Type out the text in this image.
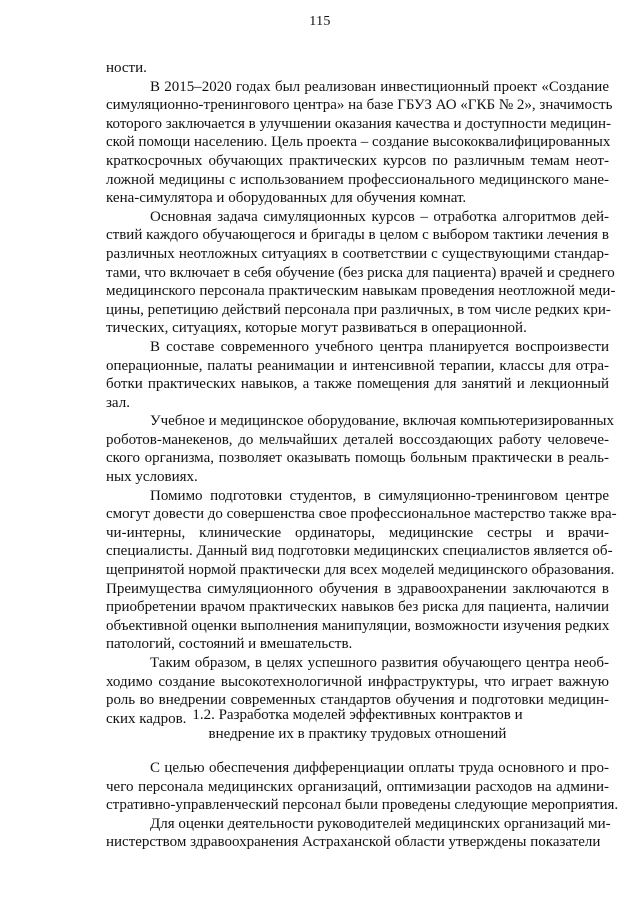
115
ности.
В 2015–2020 годах был реализован инвестиционный проект «Создание
симуляционно-тренингового центра» на базе ГБУЗ АО «ГКБ № 2», значимость
которого заключается в улучшении оказания качества и доступности медицин-
ской помощи населению. Цель проекта – создание высококвалифицированных
краткосрочных обучающих практических курсов по различным темам неот-
ложной медицины с использованием профессионального медицинского мане-
кена-симулятора и оборудованных для обучения комнат.
Основная задача симуляционных курсов – отработка алгоритмов дей-
ствий каждого обучающегося и бригады в целом с выбором тактики лечения в
различных неотложных ситуациях в соответствии с существующими стандар-
тами, что включает в себя обучение (без риска для пациента) врачей и среднего
медицинского персонала практическим навыкам проведения неотложной меди-
цины, репетицию действий персонала при различных, в том числе редких кри-
тических, ситуациях, которые могут развиваться в операционной.
В составе современного учебного центра планируется воспроизвести
операционные, палаты реанимации и интенсивной терапии, классы для отра-
ботки практических навыков, а также помещения для занятий и лекционный
зал.
Учебное и медицинское оборудование, включая компьютеризированных
роботов-манекенов, до мельчайших деталей воссоздающих работу человече-
ского организма, позволяет оказывать помощь больным практически в реаль-
ных условиях.
Помимо подготовки студентов, в симуляционно-тренинговом центре
смогут довести до совершенства свое профессиональное мастерство также вра-
чи-интерны, клинические ординаторы, медицинские сестры и врачи-
специалисты. Данный вид подготовки медицинских специалистов является об-
щепринятой нормой практически для всех моделей медицинского образования.
Преимущества симуляционного обучения в здравоохранении заключаются в
приобретении врачом практических навыков без риска для пациента, наличии
объективной оценки выполнения манипуляции, возможности изучения редких
патологий, состояний и вмешательств.
Таким образом, в целях успешного развития обучающего центра необ-
ходимо создание высокотехнологичной инфраструктуры, что играет важную
роль во внедрении современных стандартов обучения и подготовки медицин-
ских кадров. 1.2. Разработка моделей эффективных контрактов и
внедрение их в практику трудовых отношений
С целью обеспечения дифференциации оплаты труда основного и про-
чего персонала медицинских организаций, оптимизации расходов на админи-
стративно-управленческий персонал были проведены следующие мероприятия.
Для оценки деятельности руководителей медицинских организаций ми-
нистерством здравоохранения Астраханской области утверждены показатели
